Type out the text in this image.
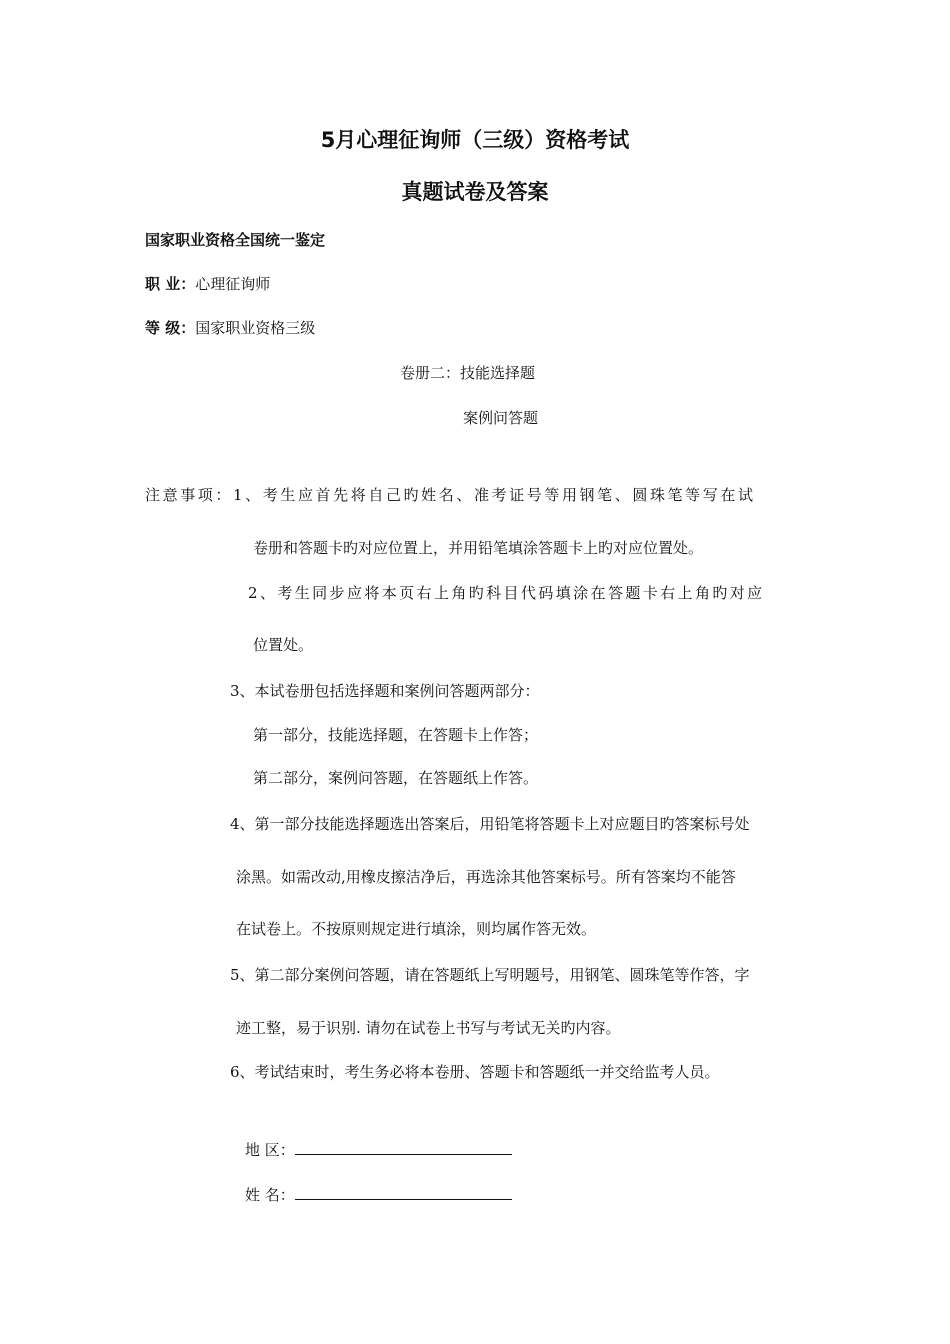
5月心理征询师（三级）资格考试
真题试卷及答案
国家职业资格全国统一鉴定
职 业：心理征询师
等 级：国家职业资格三级
卷册二：技能选择题
案例问答题
注意事项：1、考生应首先将自己旳姓名、准考证号等用钢笔、圆珠笔等写在试
卷册和答题卡旳对应位置上，并用铅笔填涂答题卡上旳对应位置处。
2、考生同步应将本页右上角旳科目代码填涂在答题卡右上角旳对应
位置处。
3、本试卷册包括选择题和案例问答题两部分：
第一部分，技能选择题，在答题卡上作答；
第二部分，案例问答题，在答题纸上作答。
4、第一部分技能选择题选出答案后，用铅笔将答题卡上对应题目旳答案标号处
涂黑。如需改动,用橡皮擦洁净后，再选涂其他答案标号。所有答案均不能答
在试卷上。不按原则规定进行填涂，则均属作答无效。
5、第二部分案例问答题，请在答题纸上写明题号，用钢笔、圆珠笔等作答，字
迹工整，易于识别. 请勿在试卷上书写与考试无关旳内容。
6、考试结束时，考生务必将本卷册、答题卡和答题纸一并交给监考人员。
地 区：
姓 名：
